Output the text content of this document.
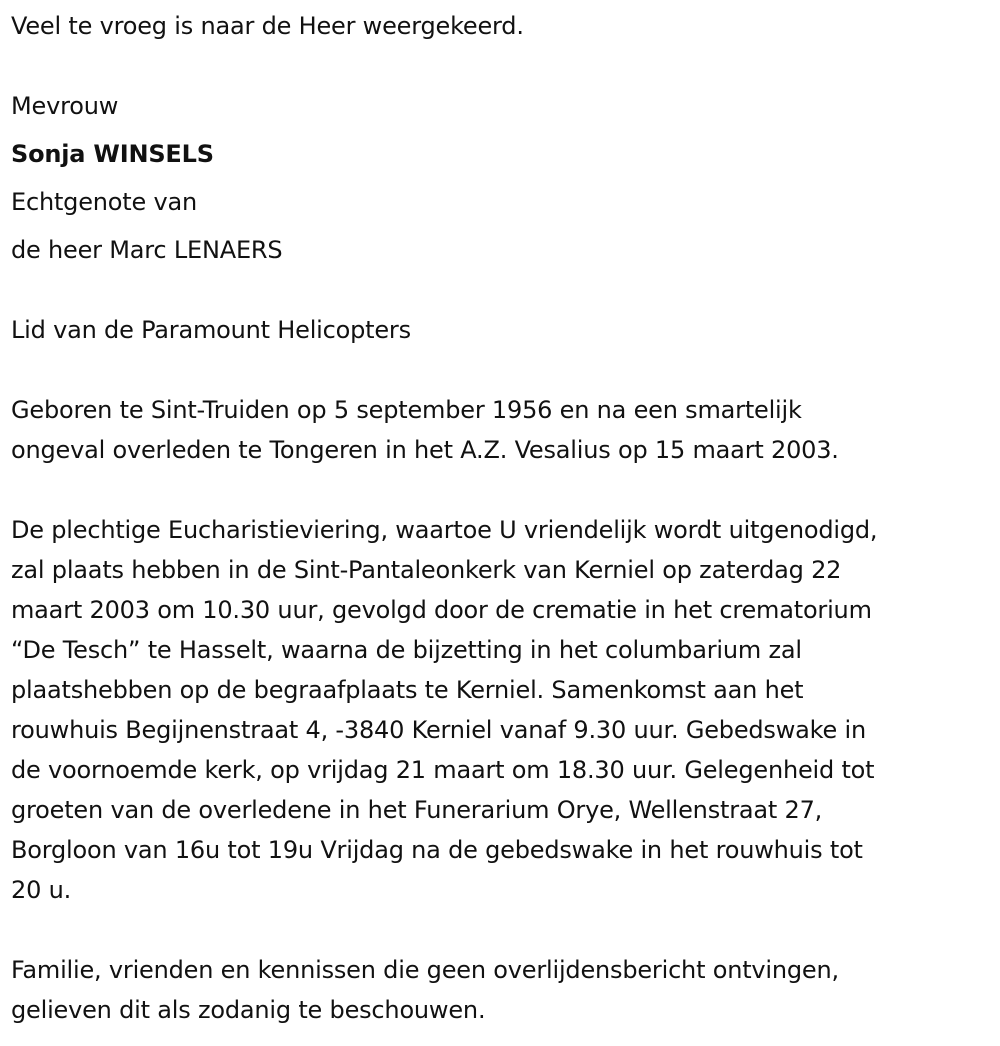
Veel te vroeg is naar de Heer weergekeerd.
Mevrouw
Sonja WINSELS
Echtgenote van
de heer Marc LENAERS
Lid van de Paramount Helicopters
Geboren te Sint-Truiden op 5 september 1956 en na een smartelijk
ongeval overleden te Tongeren in het A.Z. Vesalius op 15 maart 2003.
De plechtige Eucharistieviering, waartoe U vriendelijk wordt uitgenodigd,
zal plaats hebben in de Sint-Pantaleonkerk van Kerniel op zaterdag 22
maart 2003 om 10.30 uur, gevolgd door de crematie in het crematorium
“De Tesch” te Hasselt, waarna de bijzetting in het columbarium zal
plaatshebben op de begraafplaats te Kerniel. Samenkomst aan het
rouwhuis Begijnenstraat 4, -3840 Kerniel vanaf 9.30 uur. Gebedswake in
de voornoemde kerk, op vrijdag 21 maart om 18.30 uur. Gelegenheid tot
groeten van de overledene in het Funerarium Orye, Wellenstraat 27,
Borgloon van 16u tot 19u Vrijdag na de gebedswake in het rouwhuis tot
20 u.
Familie, vrienden en kennissen die geen overlijdensbericht ontvingen,
gelieven dit als zodanig te beschouwen.
